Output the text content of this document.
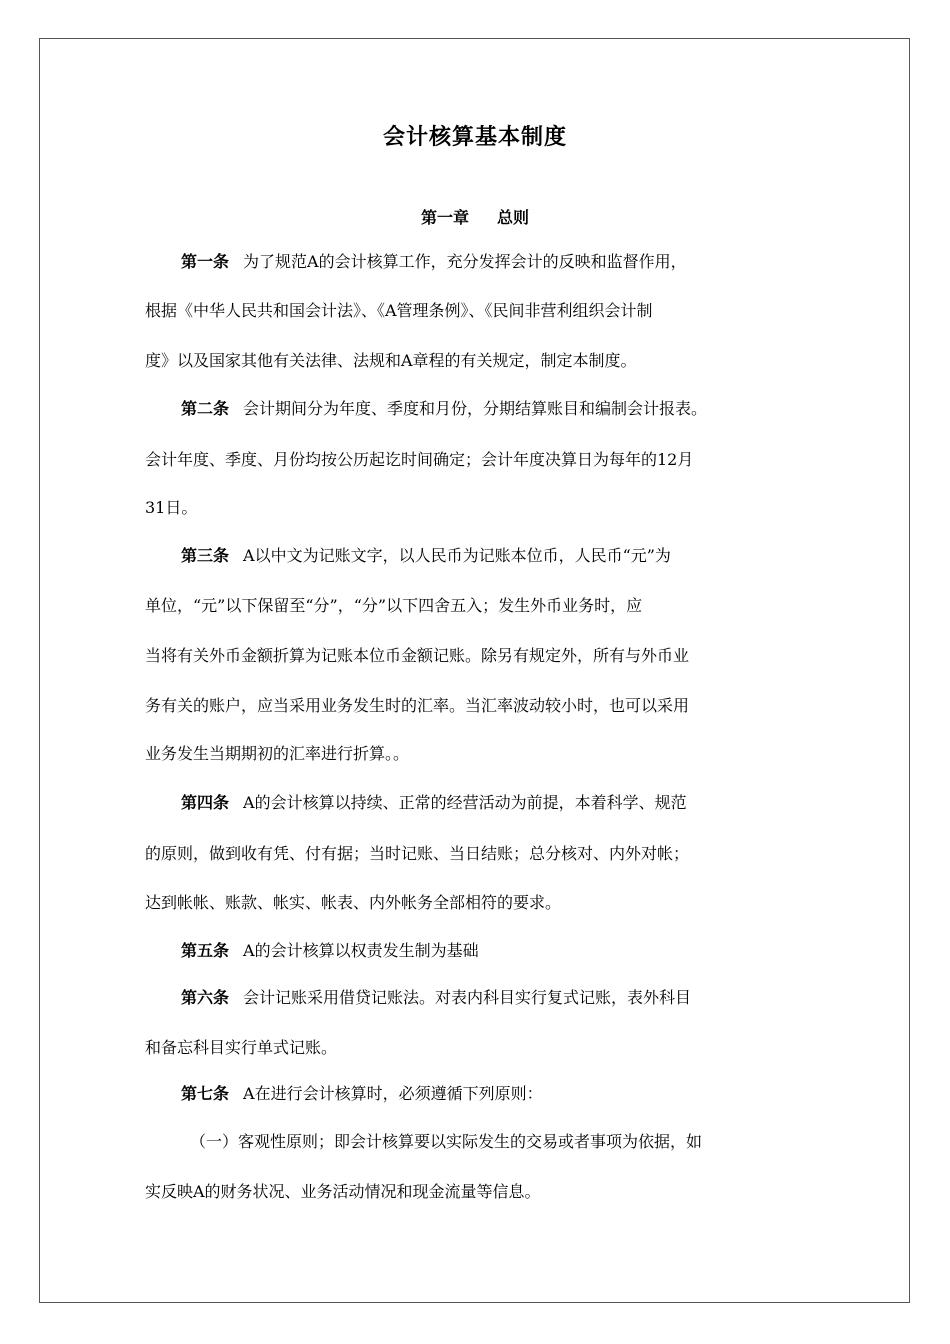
会计核算基本制度
第一章 总则
第一条 为了规范A的会计核算工作，充分发挥会计的反映和监督作用，
根据《中华人民共和国会计法》、《A管理条例》、《民间非营利组织会计制
度》以及国家其他有关法律、法规和A章程的有关规定，制定本制度。
第二条 会计期间分为年度、季度和月份，分期结算账目和编制会计报表。
会计年度、季度、月份均按公历起讫时间确定；会计年度决算日为每年的12月
31日。
第三条 A以中文为记账文字，以人民币为记账本位币，人民币“元”为
单位，“元”以下保留至“分”，“分”以下四舍五入；发生外币业务时，应
当将有关外币金额折算为记账本位币金额记账。除另有规定外，所有与外币业
务有关的账户，应当采用业务发生时的汇率。当汇率波动较小时，也可以采用
业务发生当期期初的汇率进行折算。。
第四条 A的会计核算以持续、正常的经营活动为前提，本着科学、规范
的原则，做到收有凭、付有据；当时记账、当日结账；总分核对、内外对帐；
达到帐帐、账款、帐实、帐表、内外帐务全部相符的要求。
第五条 A的会计核算以权责发生制为基础
第六条 会计记账采用借贷记账法。对表内科目实行复式记账，表外科目
和备忘科目实行单式记账。
第七条 A在进行会计核算时，必须遵循下列原则：
（一）客观性原则；即会计核算要以实际发生的交易或者事项为依据，如
实反映A的财务状况、业务活动情况和现金流量等信息。
